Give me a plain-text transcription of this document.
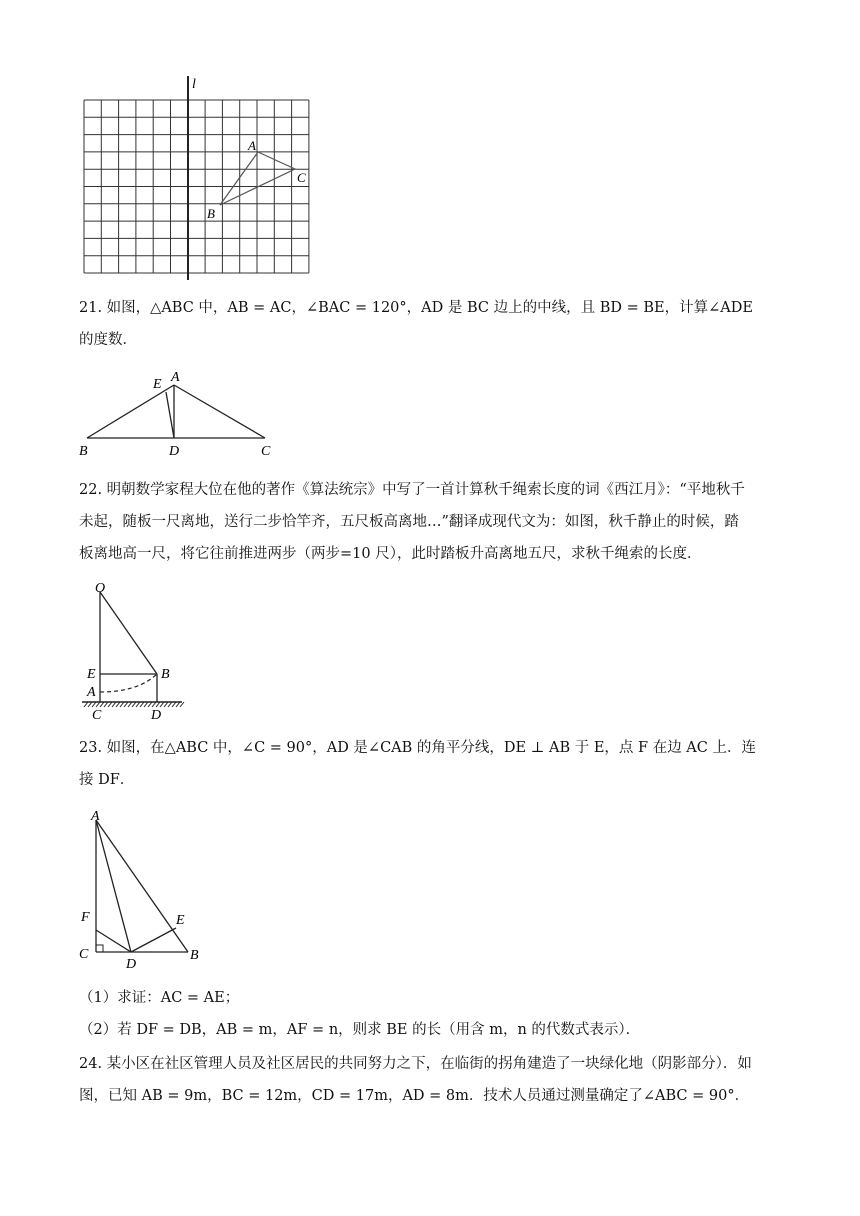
l
A
C
B
21. 如图，△ABC 中，AB = AC，∠BAC = 120°，AD 是 BC 边上的中线，且 BD = BE，计算∠ADE
的度数．
E A
B	D	C
22. 明朝数学家程大位在他的著作《算法统宗》中写了一首计算秋千绳索长度的词《西江月》：“平地秋千
未起，随板一尺离地，送行二步恰竿齐，五尺板高离地…”翻译成现代文为：如图，秋千静止的时候，踏
板离地高一尺，将它往前推进两步（两步=10 尺），此时踏板升高离地五尺，求秋千绳索的长度．
O
E	B
A
C	D
23. 如图，在△ABC 中，∠C = 90°，AD 是∠CAB 的角平分线，DE ⊥ AB 于 E，点 F 在边 AC 上．连
接 DF．
A
F
C
D
E
B
（1）求证：AC = AE；
（2）若 DF = DB，AB = m，AF = n，则求 BE 的长（用含 m，n 的代数式表示）．
24. 某小区在社区管理人员及社区居民的共同努力之下，在临街的拐角建造了一块绿化地（阴影部分）．如
图，已知 AB = 9m，BC = 12m，CD = 17m，AD = 8m．技术人员通过测量确定了∠ABC = 90°．
